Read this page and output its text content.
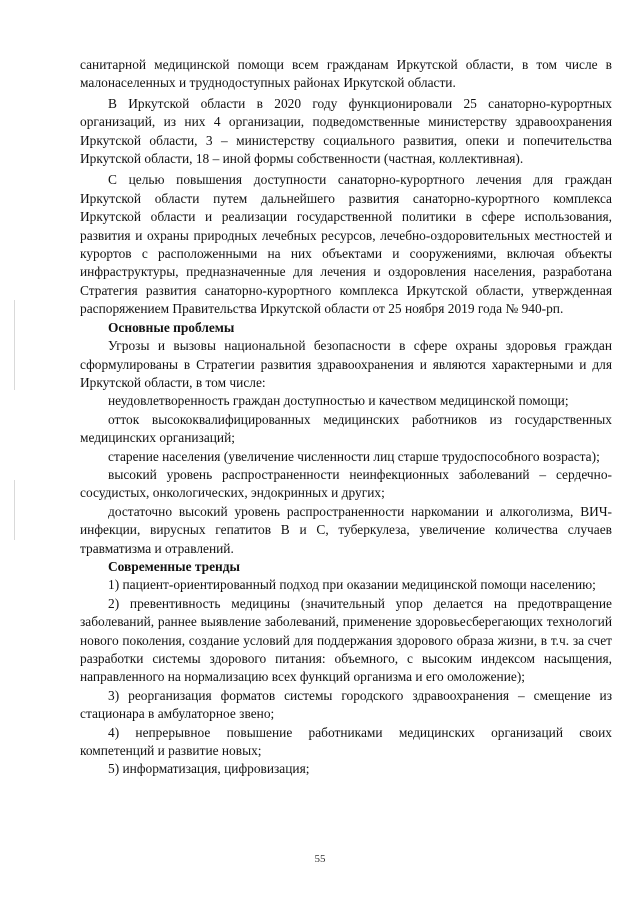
санитарной медицинской помощи всем гражданам Иркутской области, в том числе в малонаселенных и труднодоступных районах Иркутской области.

В Иркутской области в 2020 году функционировали 25 санаторно-курортных организаций, из них 4 организации, подведомственные министерству здравоохранения Иркутской области, 3 – министерству социального развития, опеки и попечительства Иркутской области, 18 – иной формы собственности (частная, коллективная).

С целью повышения доступности санаторно-курортного лечения для граждан Иркутской области путем дальнейшего развития санаторно-курортного комплекса Иркутской области и реализации государственной политики в сфере использования, развития и охраны природных лечебных ресурсов, лечебно-оздоровительных местностей и курортов с расположенными на них объектами и сооружениями, включая объекты инфраструктуры, предназначенные для лечения и оздоровления населения, разработана Стратегия развития санаторно-курортного комплекса Иркутской области, утвержденная распоряжением Правительства Иркутской области от 25 ноября 2019 года № 940-рп.

Основные проблемы

Угрозы и вызовы национальной безопасности в сфере охраны здоровья граждан сформулированы в Стратегии развития здравоохранения и являются характерными и для Иркутской области, в том числе:

неудовлетворенность граждан доступностью и качеством медицинской помощи;

отток высококвалифицированных медицинских работников из государственных медицинских организаций;

старение населения (увеличение численности лиц старше трудоспособного возраста);

высокий уровень распространенности неинфекционных заболеваний – сердечно-сосудистых, онкологических, эндокринных и других;

достаточно высокий уровень распространенности наркомании и алкоголизма, ВИЧ-инфекции, вирусных гепатитов В и С, туберкулеза, увеличение количества случаев травматизма и отравлений.

Современные тренды

1) пациент-ориентированный подход при оказании медицинской помощи населению;

2) превентивность медицины (значительный упор делается на предотвращение заболеваний, раннее выявление заболеваний, применение здоровьесберегающих технологий нового поколения, создание условий для поддержания здорового образа жизни, в т.ч. за счет разработки системы здорового питания: объемного, с высоким индексом насыщения, направленного на нормализацию всех функций организма и его омоложение);

3) реорганизация форматов системы городского здравоохранения – смещение из стационара в амбулаторное звено;

4) непрерывное повышение работниками медицинских организаций своих компетенций и развитие новых;

5) информатизация, цифровизация;

55
